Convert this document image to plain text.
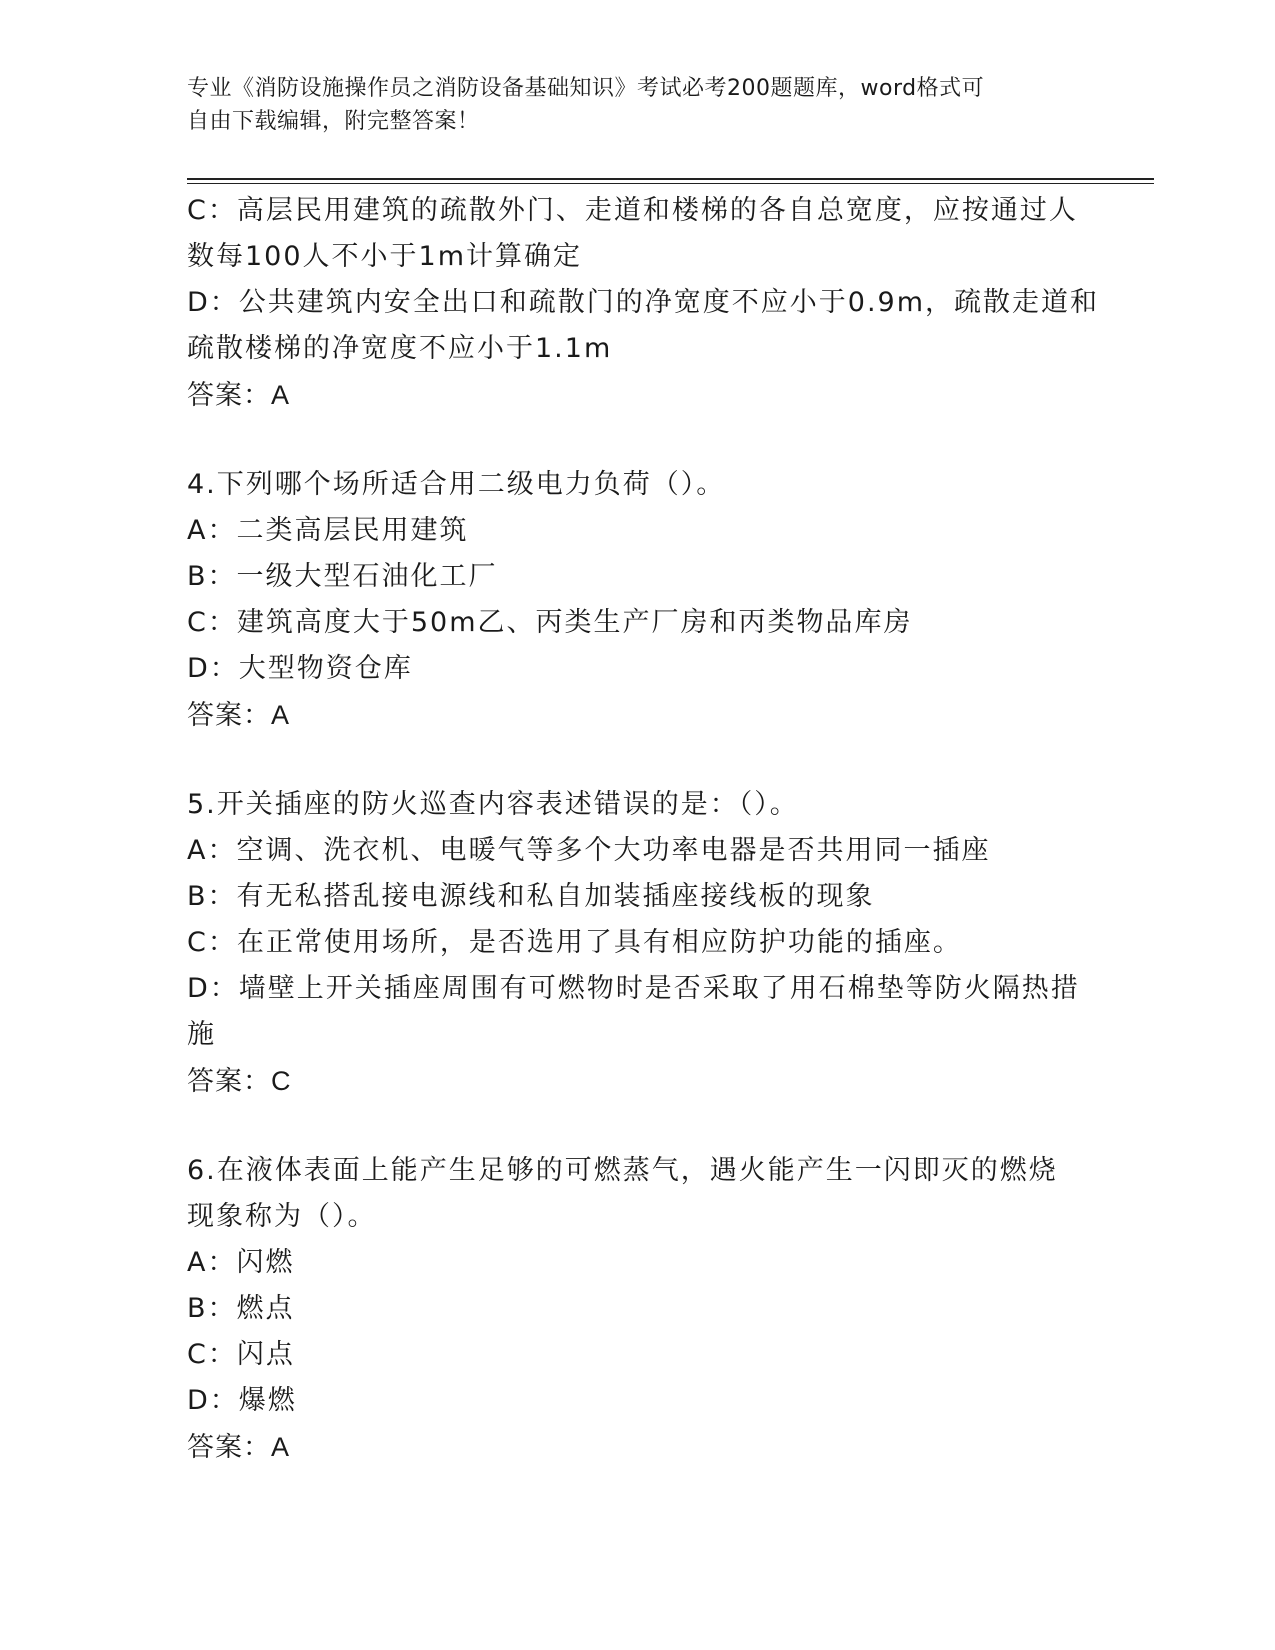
专业《消防设施操作员之消防设备基础知识》考试必考200题题库，word格式可
自由下载编辑，附完整答案！
C：高层民用建筑的疏散外门、走道和楼梯的各自总宽度，应按通过人
数每100人不小于1m计算确定
D：公共建筑内安全出口和疏散门的净宽度不应小于0.9m，疏散走道和
疏散楼梯的净宽度不应小于1.1m
答案：A
4.下列哪个场所适合用二级电力负荷（）。
A：二类高层民用建筑
B：一级大型石油化工厂
C：建筑高度大于50m乙、丙类生产厂房和丙类物品库房
D：大型物资仓库
答案：A
5.开关插座的防火巡查内容表述错误的是：（）。
A：空调、洗衣机、电暖气等多个大功率电器是否共用同一插座
B：有无私搭乱接电源线和私自加装插座接线板的现象
C：在正常使用场所，是否选用了具有相应防护功能的插座。
D：墙壁上开关插座周围有可燃物时是否采取了用石棉垫等防火隔热措
施
答案：C
6.在液体表面上能产生足够的可燃蒸气，遇火能产生一闪即灭的燃烧
现象称为（）。
A：闪燃
B：燃点
C：闪点
D：爆燃
答案：A
